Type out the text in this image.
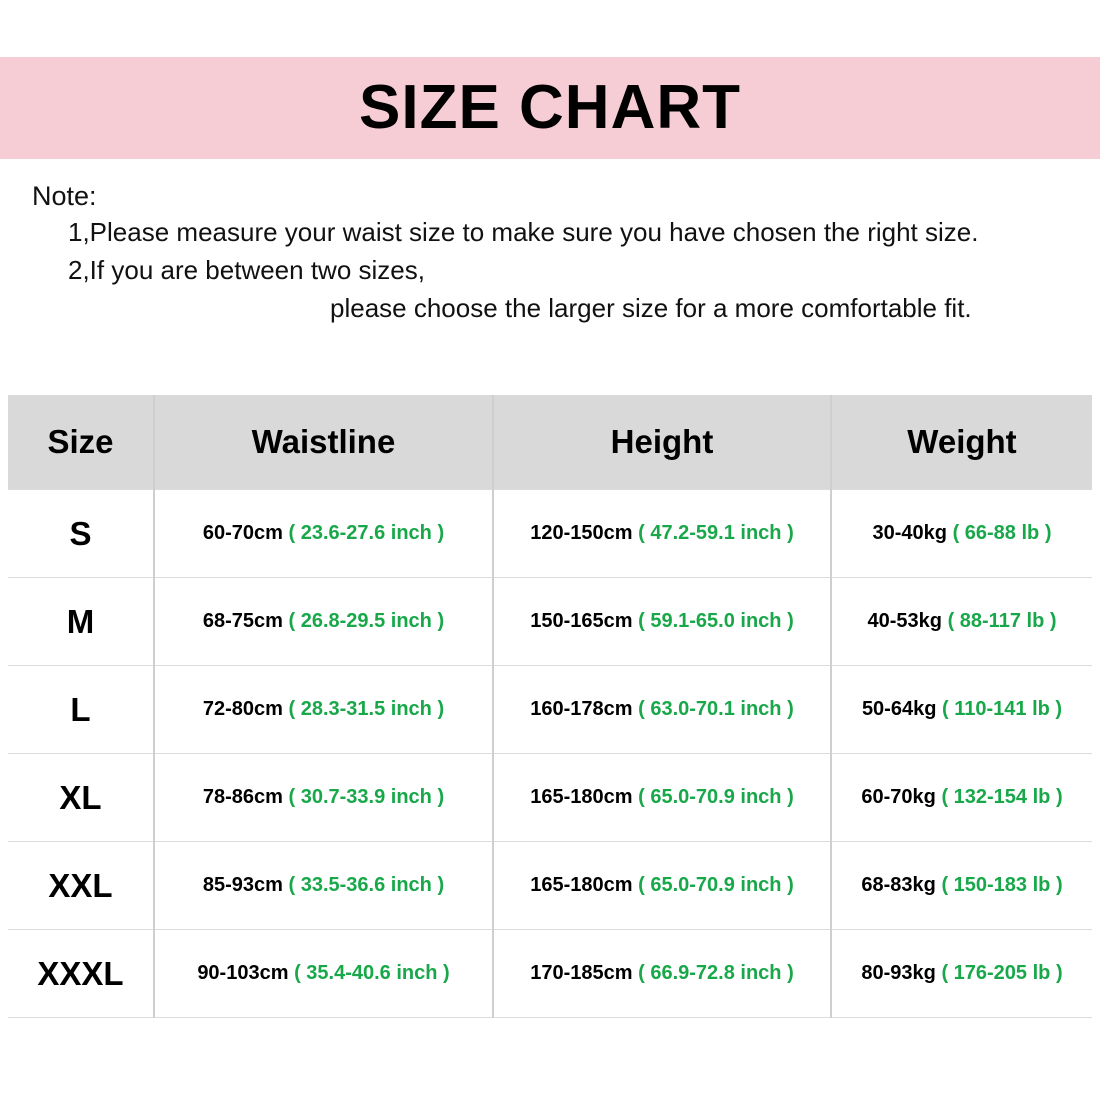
SIZE CHART
Note:
1,Please measure your waist size to make sure you have chosen the right size.
2,If you are between two sizes,
please choose the larger size for a more comfortable fit.
Size	Waistline	Height	Weight
S	60-70cm ( 23.6-27.6 inch )	120-150cm ( 47.2-59.1 inch )	30-40kg ( 66-88 lb )
M	68-75cm ( 26.8-29.5 inch )	150-165cm ( 59.1-65.0 inch )	40-53kg ( 88-117 lb )
L	72-80cm ( 28.3-31.5 inch )	160-178cm ( 63.0-70.1 inch )	50-64kg ( 110-141 lb )
XL	78-86cm ( 30.7-33.9 inch )	165-180cm ( 65.0-70.9 inch )	60-70kg ( 132-154 lb )
XXL	85-93cm ( 33.5-36.6 inch )	165-180cm ( 65.0-70.9 inch )	68-83kg ( 150-183 lb )
XXXL	90-103cm ( 35.4-40.6 inch )	170-185cm ( 66.9-72.8 inch )	80-93kg ( 176-205 lb )
